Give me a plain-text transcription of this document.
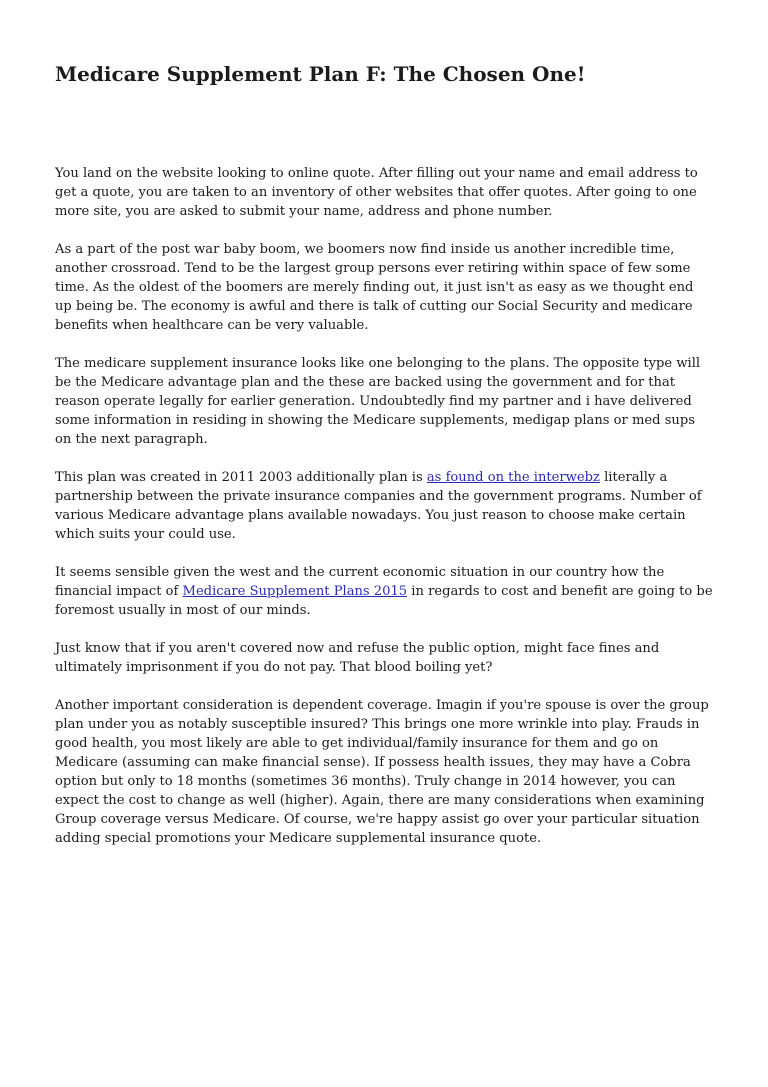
Medicare Supplement Plan F: The Chosen One!

You land on the website looking to online quote. After filling out your name and email address to get a quote, you are taken to an inventory of other websites that offer quotes. After going to one more site, you are asked to submit your name, address and phone number.

As a part of the post war baby boom, we boomers now find inside us another incredible time, another crossroad. Tend to be the largest group persons ever retiring within space of few some time. As the oldest of the boomers are merely finding out, it just isn't as easy as we thought end up being be. The economy is awful and there is talk of cutting our Social Security and medicare benefits when healthcare can be very valuable.

The medicare supplement insurance looks like one belonging to the plans. The opposite type will be the Medicare advantage plan and the these are backed using the government and for that reason operate legally for earlier generation. Undoubtedly find my partner and i have delivered some information in residing in showing the Medicare supplements, medigap plans or med sups on the next paragraph.

This plan was created in 2011 2003 additionally plan is as found on the interwebz literally a partnership between the private insurance companies and the government programs. Number of various Medicare advantage plans available nowadays. You just reason to choose make certain which suits your could use.

It seems sensible given the west and the current economic situation in our country how the financial impact of Medicare Supplement Plans 2015 in regards to cost and benefit are going to be foremost usually in most of our minds.

Just know that if you aren't covered now and refuse the public option, might face fines and ultimately imprisonment if you do not pay. That blood boiling yet?

Another important consideration is dependent coverage. Imagin if you're spouse is over the group plan under you as notably susceptible insured? This brings one more wrinkle into play. Frauds in good health, you most likely are able to get individual/family insurance for them and go on Medicare (assuming can make financial sense). If possess health issues, they may have a Cobra option but only to 18 months (sometimes 36 months). Truly change in 2014 however, you can expect the cost to change as well (higher). Again, there are many considerations when examining Group coverage versus Medicare. Of course, we're happy assist go over your particular situation adding special promotions your Medicare supplemental insurance quote.
